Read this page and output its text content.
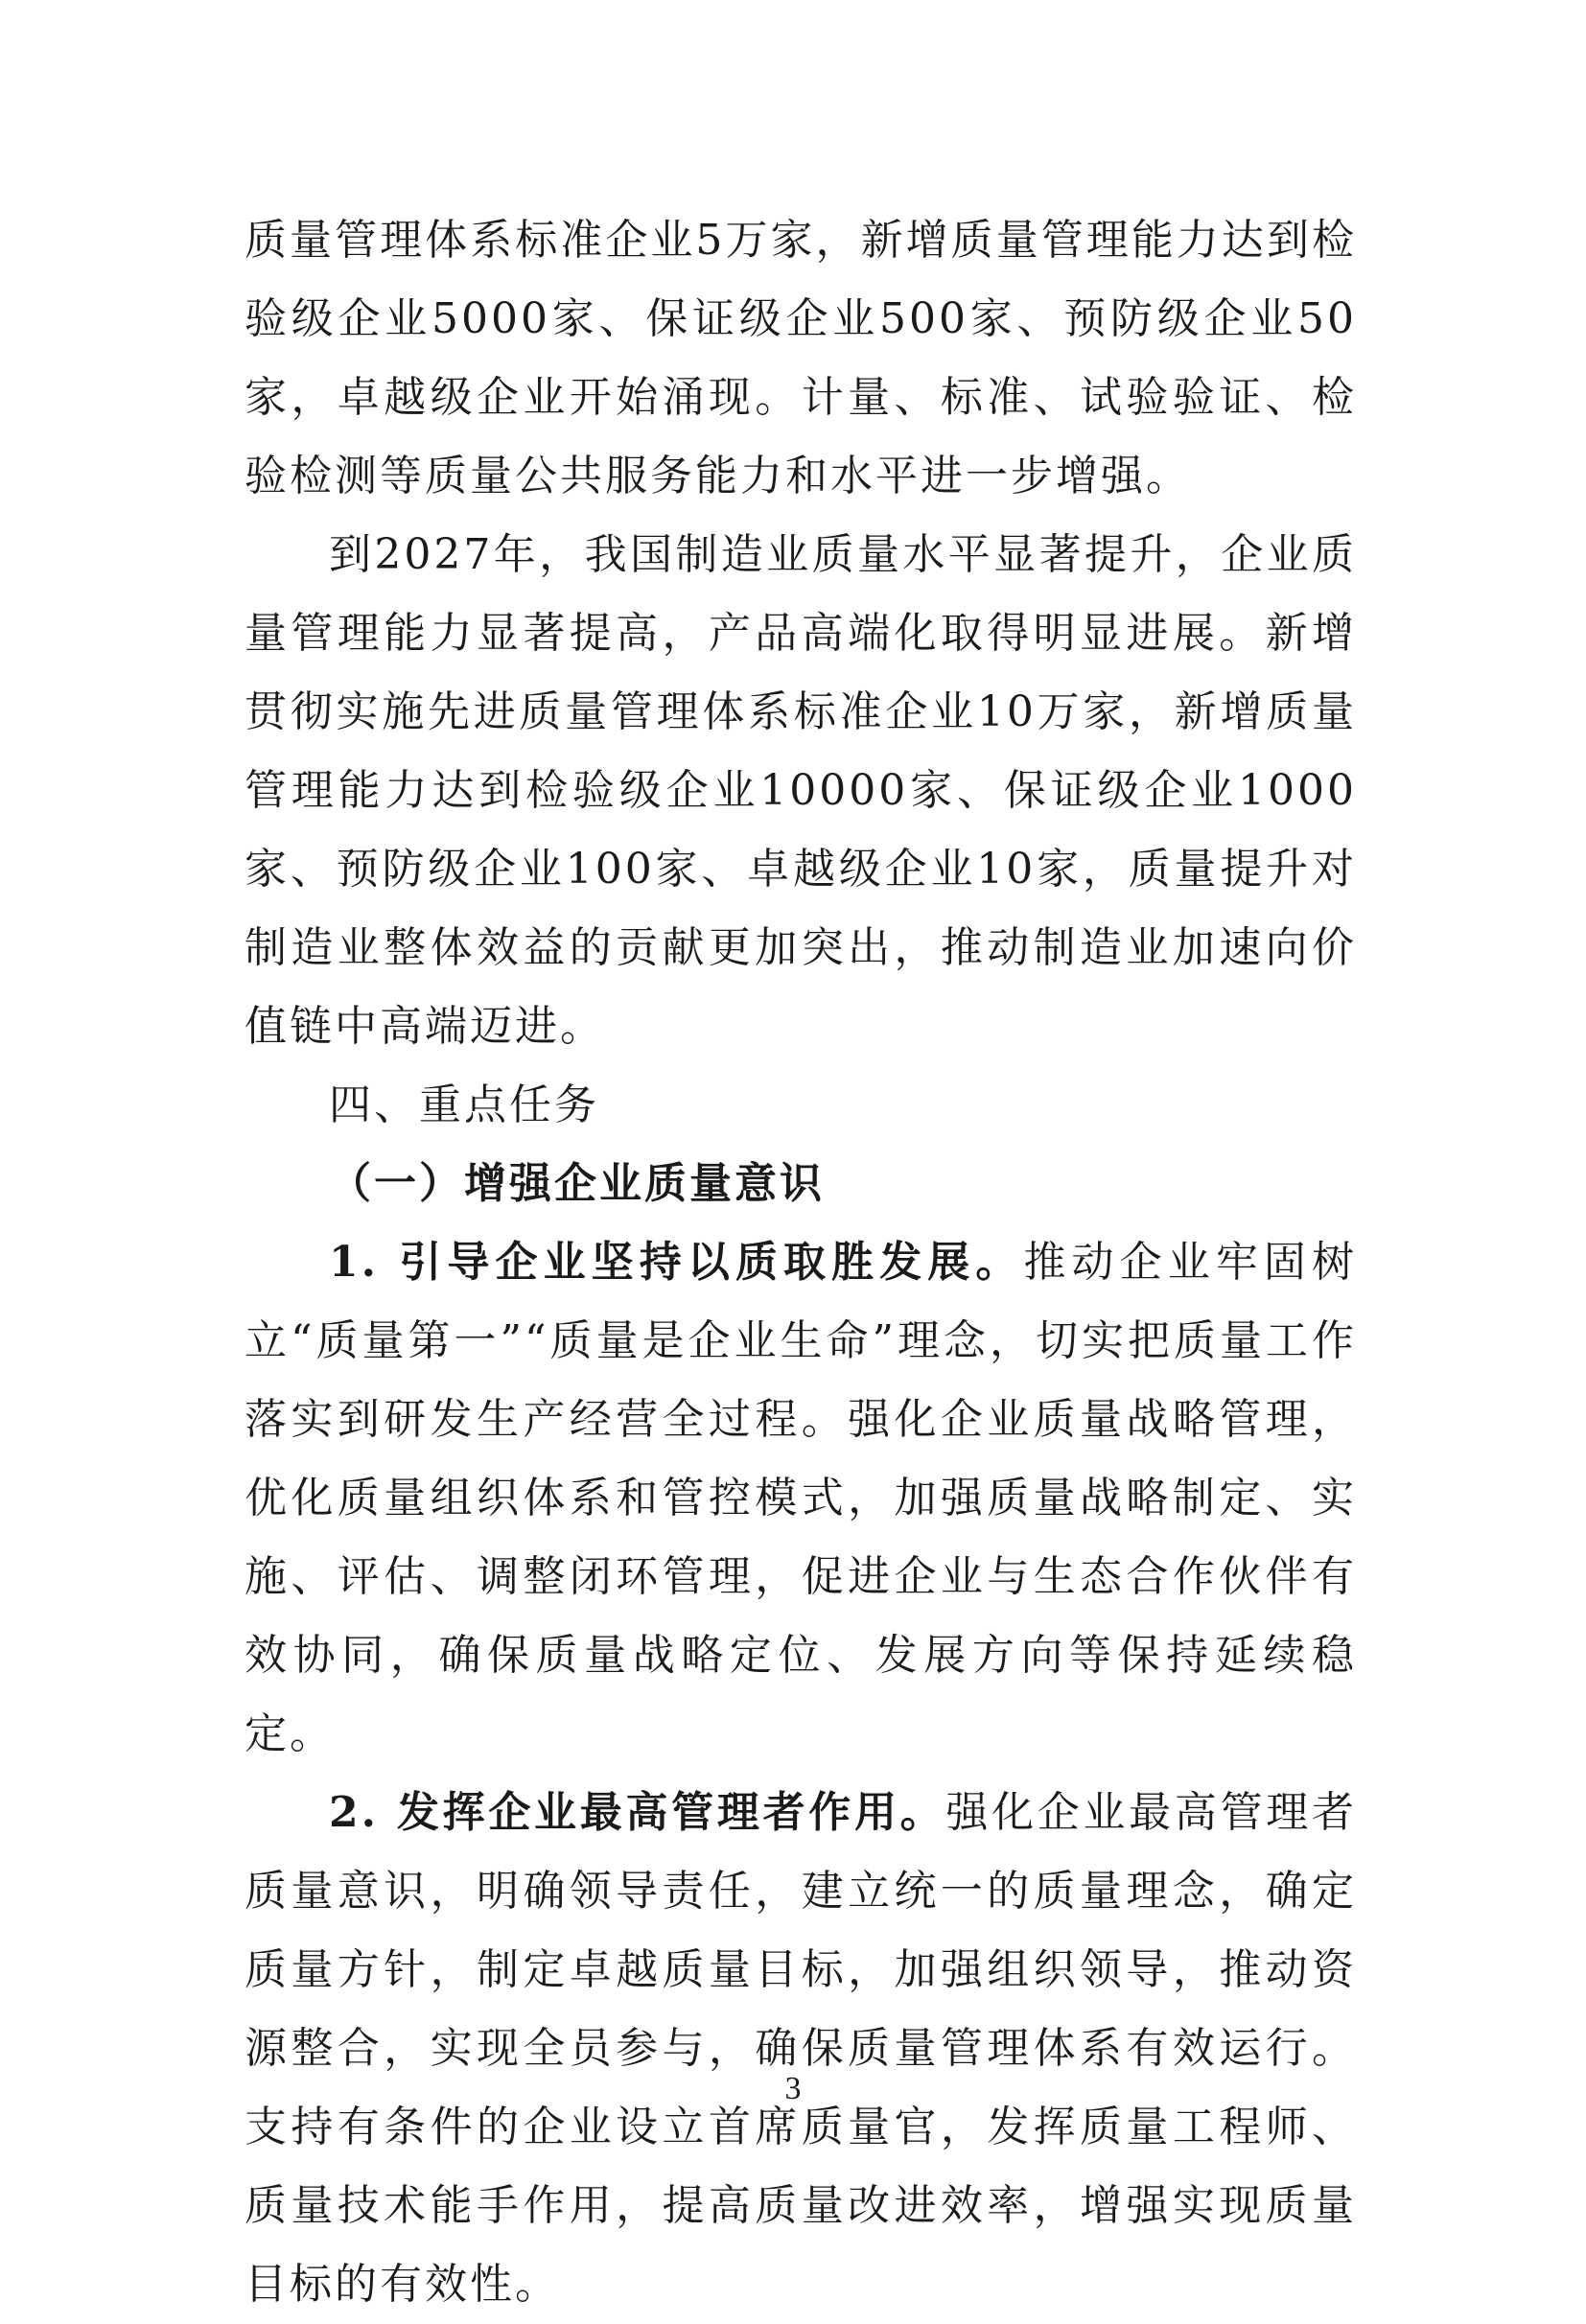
质量管理体系标准企业5万家，新增质量管理能力达到检验级企业5000家、保证级企业500家、预防级企业50家，卓越级企业开始涌现。计量、标准、试验验证、检验检测等质量公共服务能力和水平进一步增强。

到2027年，我国制造业质量水平显著提升，企业质量管理能力显著提高，产品高端化取得明显进展。新增贯彻实施先进质量管理体系标准企业10万家，新增质量管理能力达到检验级企业10000家、保证级企业1000家、预防级企业100家、卓越级企业10家，质量提升对制造业整体效益的贡献更加突出，推动制造业加速向价值链中高端迈进。

四、重点任务

（一）增强企业质量意识

1. 引导企业坚持以质取胜发展。推动企业牢固树立“质量第一”“质量是企业生命”理念，切实把质量工作落实到研发生产经营全过程。强化企业质量战略管理，优化质量组织体系和管控模式，加强质量战略制定、实施、评估、调整闭环管理，促进企业与生态合作伙伴有效协同，确保质量战略定位、发展方向等保持延续稳定。

2. 发挥企业最高管理者作用。强化企业最高管理者质量意识，明确领导责任，建立统一的质量理念，确定质量方针，制定卓越质量目标，加强组织领导，推动资源整合，实现全员参与，确保质量管理体系有效运行。支持有条件的企业设立首席质量官，发挥质量工程师、质量技术能手作用，提高质量改进效率，增强实现质量目标的有效性。

3
